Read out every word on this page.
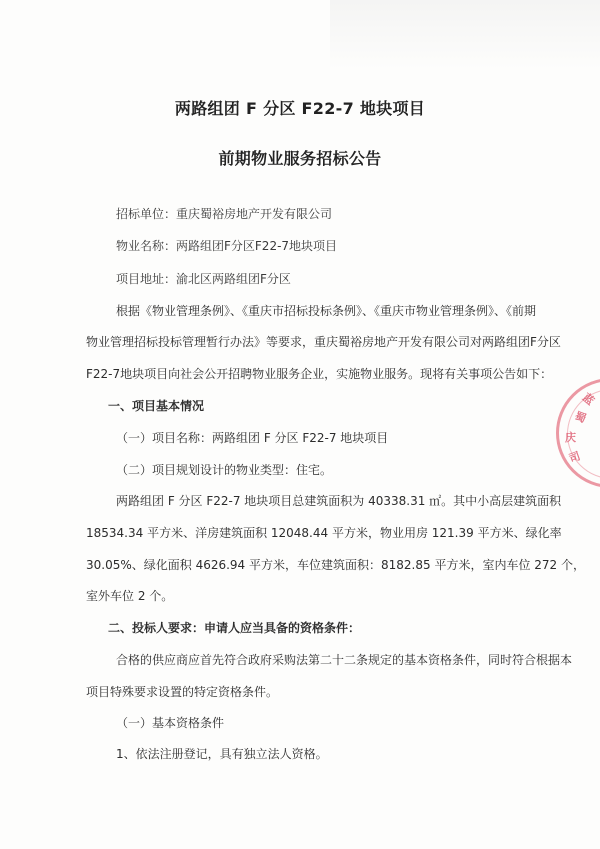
两路组团 F 分区 F22-7 地块项目
前期物业服务招标公告
招标单位：重庆蜀裕房地产开发有限公司
物业名称：两路组团F分区F22-7地块项目
项目地址：渝北区两路组团F分区
根据《物业管理条例》、《重庆市招标投标条例》、《重庆市物业管理条例》、《前期
物业管理招标投标管理暂行办法》等要求，重庆蜀裕房地产开发有限公司对两路组团F分区
F22-7地块项目向社会公开招聘物业服务企业，实施物业服务。现将有关事项公告如下：
一、项目基本情况
（一）项目名称：两路组团 F 分区 F22-7 地块项目
（二）项目规划设计的物业类型：住宅。
两路组团 F 分区 F22-7 地块项目总建筑面积为 40338.31 ㎡。其中小高层建筑面积
18534.34 平方米、洋房建筑面积 12048.44 平方米，物业用房 121.39 平方米、绿化率
30.05%、绿化面积 4626.94 平方米，车位建筑面积：8182.85 平方米，室内车位 272 个，
室外车位 2 个。
二、投标人要求：申请人应当具备的资格条件：
合格的供应商应首先符合政府采购法第二十二条规定的基本资格条件，同时符合根据本
项目特殊要求设置的特定资格条件。
（一）基本资格条件
1、依法注册登记，具有独立法人资格。
蓝
蜀
庆
司
